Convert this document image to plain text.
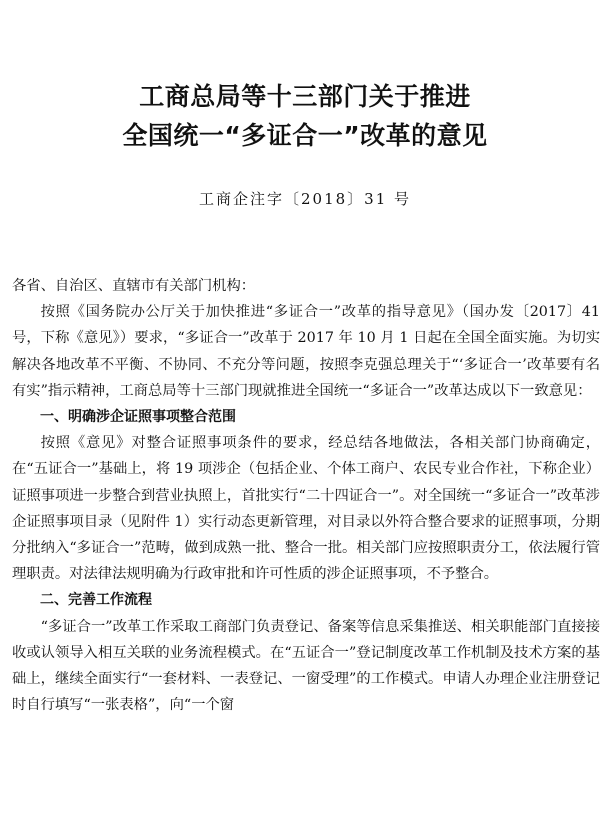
工商总局等十三部门关于推进
全国统一“多证合一”改革的意见
工商企注字〔2018〕31 号

各省、自治区、直辖市有关部门机构：

按照《国务院办公厅关于加快推进“多证合一”改革的指导意见》（国办发〔2017〕41 号，下称《意见》）要求，“多证合一”改革于 2017 年 10 月 1 日起在全国全面实施。为切实解决各地改革不平衡、不协同、不充分等问题，按照李克强总理关于“‘多证合一’改革要有名有实”指示精神，工商总局等十三部门现就推进全国统一“多证合一”改革达成以下一致意见：

一、明确涉企证照事项整合范围

按照《意见》对整合证照事项条件的要求，经总结各地做法，各相关部门协商确定，在“五证合一”基础上，将 19 项涉企（包括企业、个体工商户、农民专业合作社，下称企业）证照事项进一步整合到营业执照上，首批实行“二十四证合一”。对全国统一“多证合一”改革涉企证照事项目录（见附件 1）实行动态更新管理，对目录以外符合整合要求的证照事项，分期分批纳入“多证合一”范畴，做到成熟一批、整合一批。相关部门应按照职责分工，依法履行管理职责。对法律法规明确为行政审批和许可性质的涉企证照事项，不予整合。

二、完善工作流程

“多证合一”改革工作采取工商部门负责登记、备案等信息采集推送、相关职能部门直接接收或认领导入相互关联的业务流程模式。在“五证合一”登记制度改革工作机制及技术方案的基础上，继续全面实行“一套材料、一表登记、一窗受理”的工作模式。申请人办理企业注册登记时自行填写“一张表格”，向“一个窗
